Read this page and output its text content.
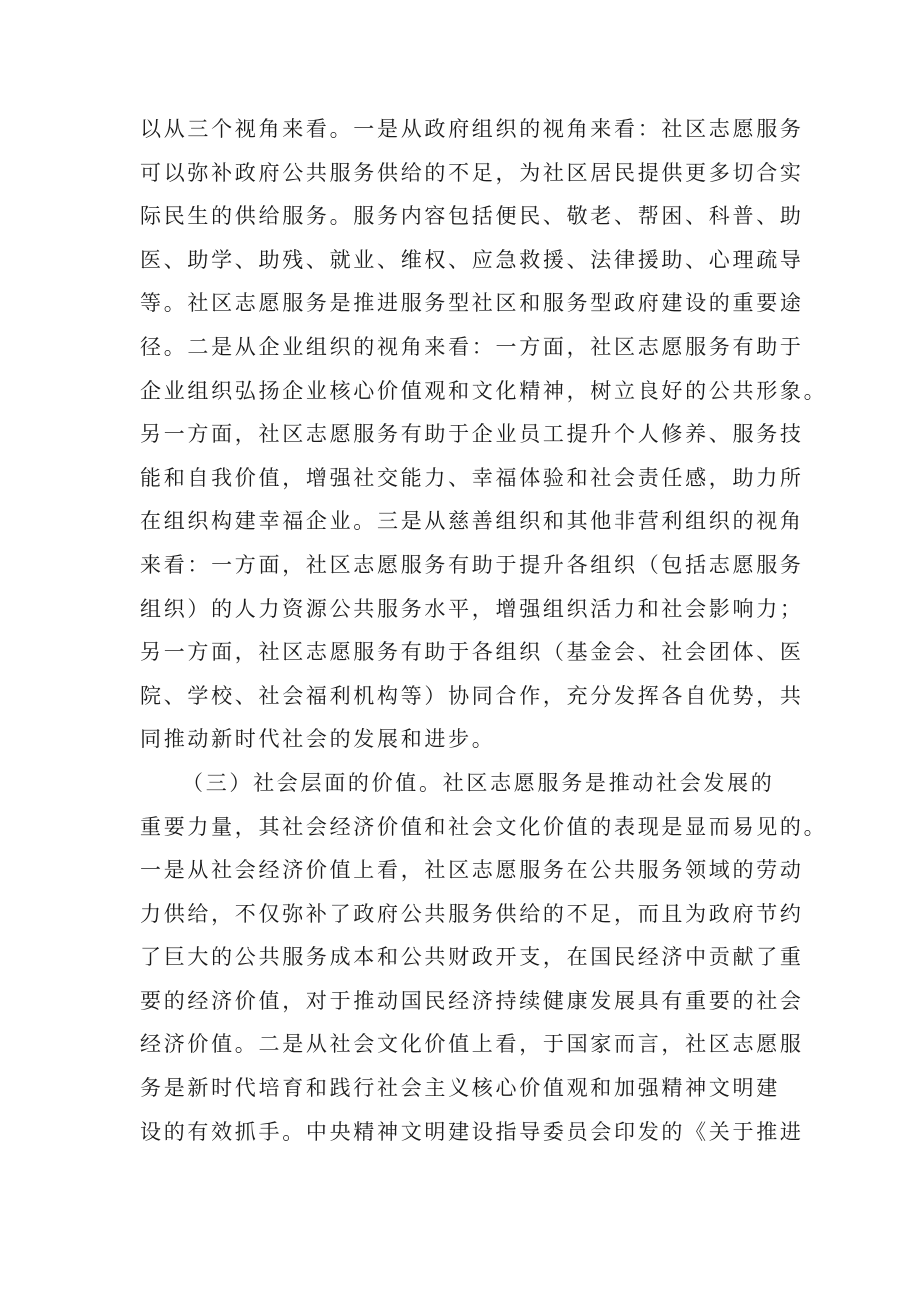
以从三个视角来看。一是从政府组织的视角来看：社区志愿服务
可以弥补政府公共服务供给的不足，为社区居民提供更多切合实
际民生的供给服务。服务内容包括便民、敬老、帮困、科普、助
医、助学、助残、就业、维权、应急救援、法律援助、心理疏导
等。社区志愿服务是推进服务型社区和服务型政府建设的重要途
径。二是从企业组织的视角来看：一方面，社区志愿服务有助于
企业组织弘扬企业核心价值观和文化精神，树立良好的公共形象。
另一方面，社区志愿服务有助于企业员工提升个人修养、服务技
能和自我价值，增强社交能力、幸福体验和社会责任感，助力所
在组织构建幸福企业。三是从慈善组织和其他非营利组织的视角
来看：一方面，社区志愿服务有助于提升各组织（包括志愿服务
组织）的人力资源公共服务水平，增强组织活力和社会影响力；
另一方面，社区志愿服务有助于各组织（基金会、社会团体、医
院、学校、社会福利机构等）协同合作，充分发挥各自优势，共
同推动新时代社会的发展和进步。
（三）社会层面的价值。社区志愿服务是推动社会发展的
重要力量，其社会经济价值和社会文化价值的表现是显而易见的。
一是从社会经济价值上看，社区志愿服务在公共服务领域的劳动
力供给，不仅弥补了政府公共服务供给的不足，而且为政府节约
了巨大的公共服务成本和公共财政开支，在国民经济中贡献了重
要的经济价值，对于推动国民经济持续健康发展具有重要的社会
经济价值。二是从社会文化价值上看，于国家而言，社区志愿服
务是新时代培育和践行社会主义核心价值观和加强精神文明建
设的有效抓手。中央精神文明建设指导委员会印发的《关于推进
